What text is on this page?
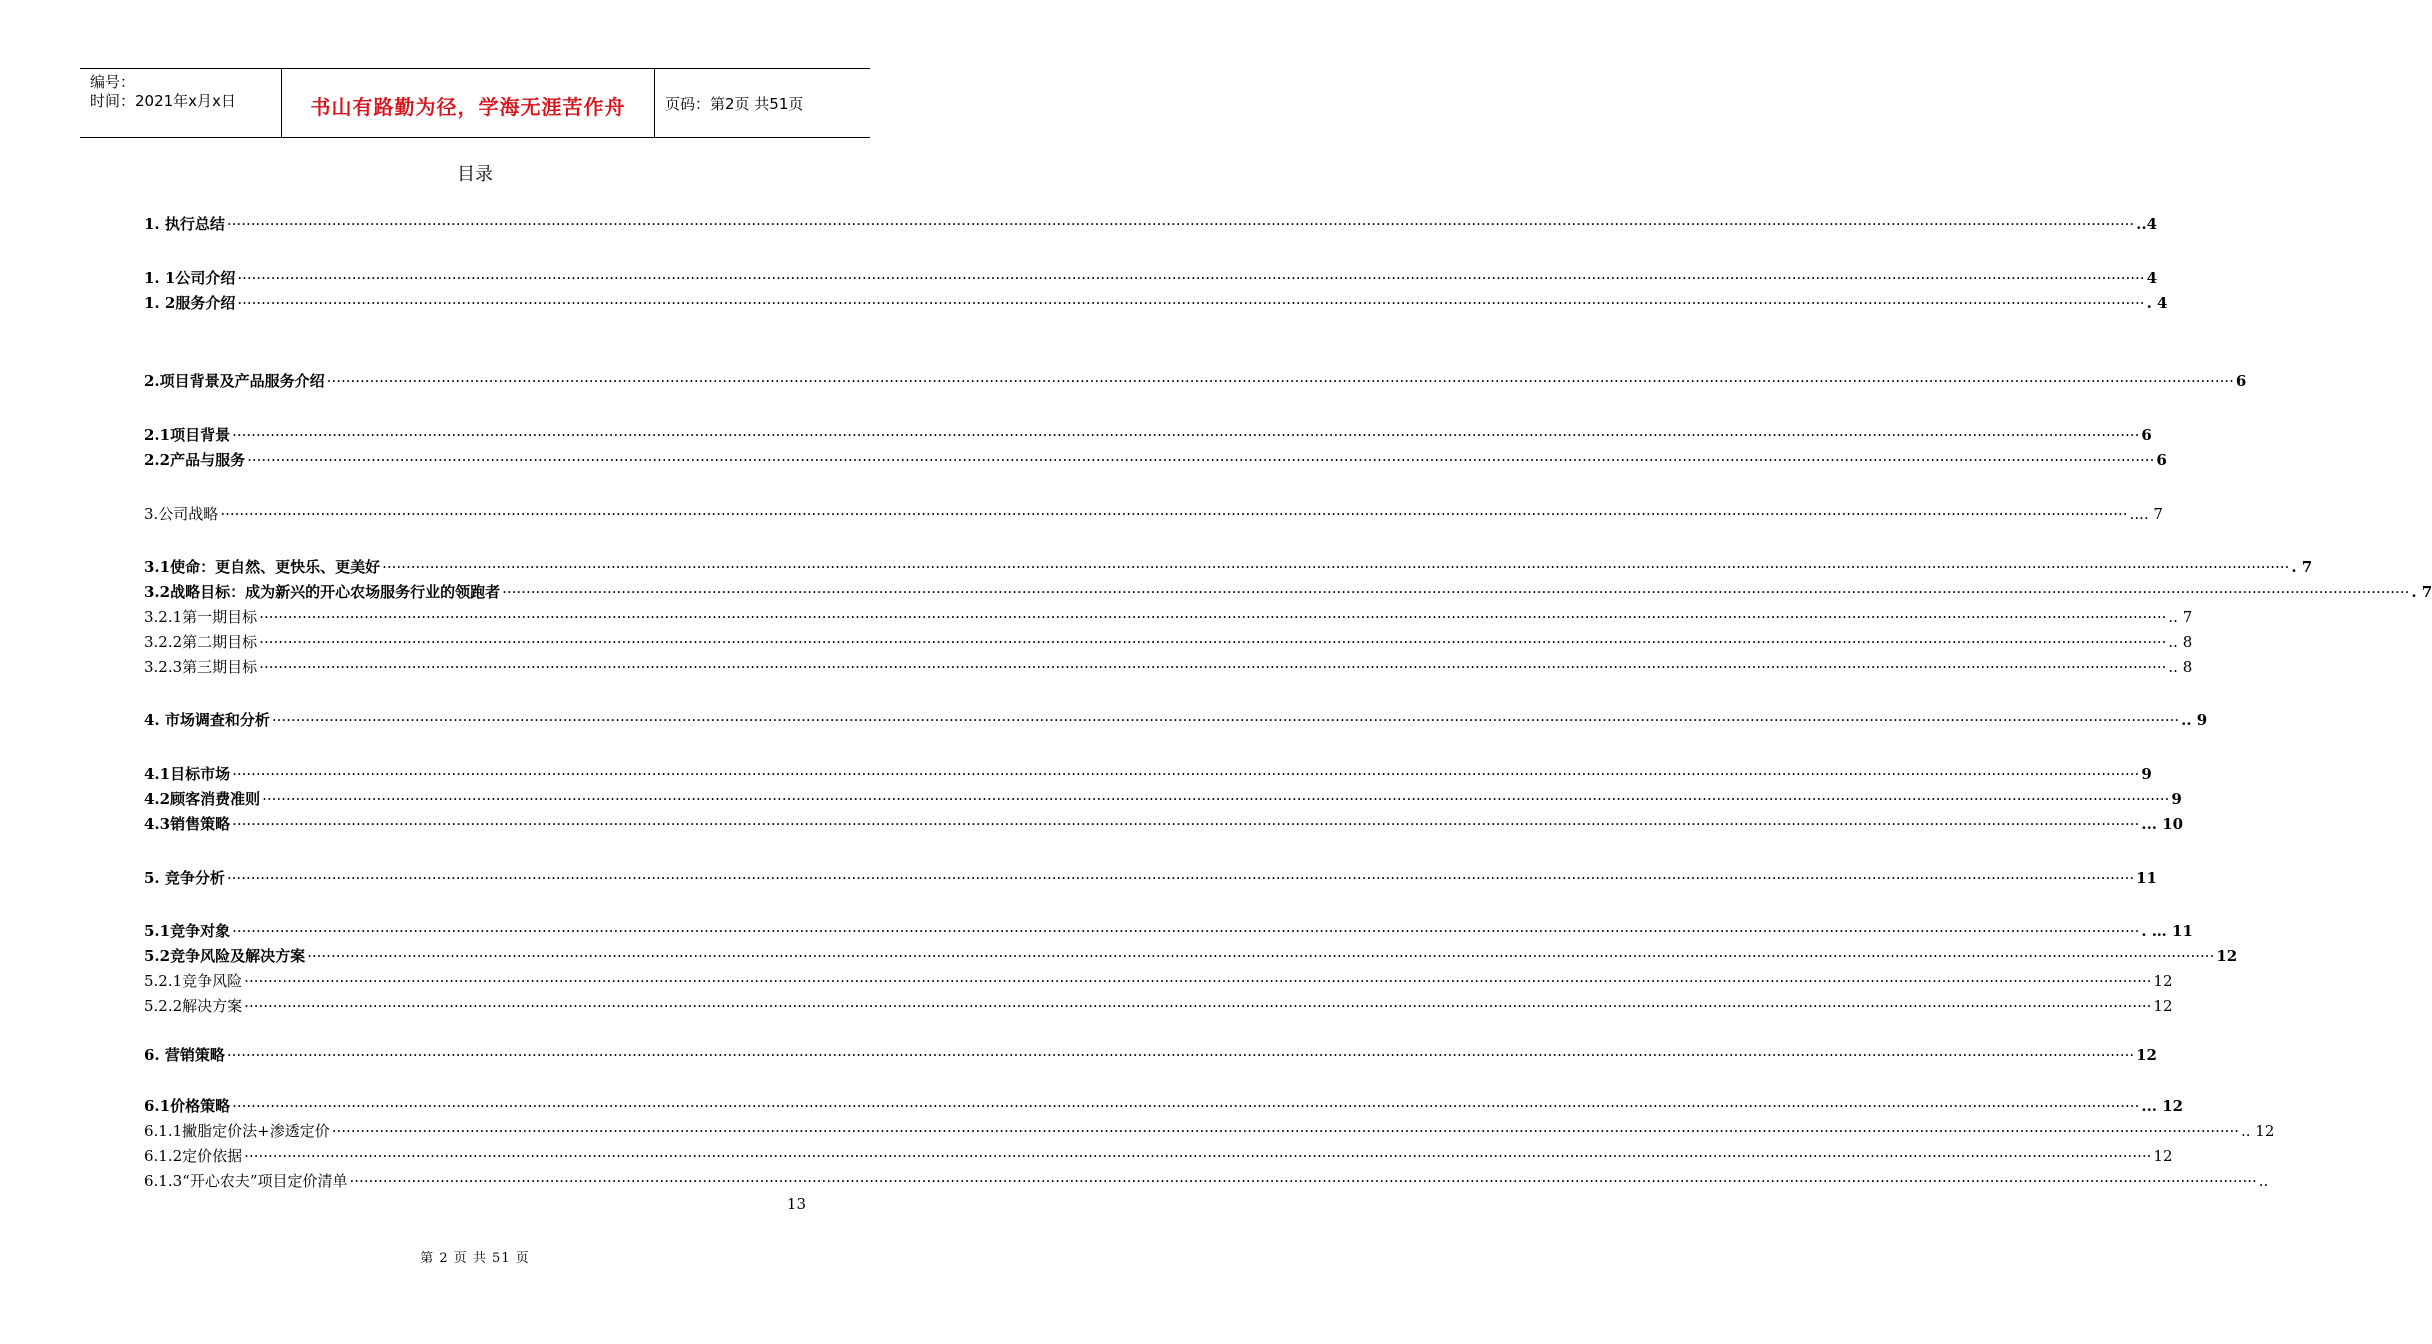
编号：
时间：2021年x月x日	书山有路勤为径，学海无涯苦作舟	页码：第2页 共51页
目录
1. 执行总结 ················································································································································································································································································································································································································ ..4
1. 1公司介绍 ················································································································································································································································································································································································································ 4
1. 2服务介绍 ················································································································································································································································································································································································································ . 4
2.项目背景及产品服务介绍 ················································································································································································································································································································································································································ 6
2.1项目背景 ················································································································································································································································································································································································································ 6
2.2产品与服务 ················································································································································································································································································································································································································ 6
3.公司战略 ················································································································································································································································································································································································································ .... 7
3.1使命：更自然、更快乐、更美好 ················································································································································································································································································································································································································ . 7
3.2战略目标：成为新兴的开心农场服务行业的领跑者 ················································································································································································································································································································································································································ . 7
3.2.1第一期目标 ················································································································································································································································································································································································································ .. 7
3.2.2第二期目标 ················································································································································································································································································································································································································ .. 8
3.2.3第三期目标 ················································································································································································································································································································································································································ .. 8
4. 市场调查和分析 ················································································································································································································································································································································································································ .. 9
4.1目标市场 ················································································································································································································································································································································································································ 9
4.2顾客消费准则 ················································································································································································································································································································································································································ 9
4.3销售策略 ················································································································································································································································································································································································································ ... 10
5. 竞争分析 ················································································································································································································································································································································································································ 11
5.1竞争对象 ················································································································································································································································································································································································································ . … 11
5.2竞争风险及解决方案 ················································································································································································································································································································································································································ 12
5.2.1竞争风险 ················································································································································································································································································································································································································ 12
5.2.2解决方案 ················································································································································································································································································································································································································ 12
6. 营销策略 ················································································································································································································································································································································································································ 12
6.1价格策略 ················································································································································································································································································································································································································ ... 12
6.1.1撇脂定价法+渗透定价 ················································································································································································································································································································································································································ .. 12
6.1.2定价依据 ················································································································································································································································································································································································································ 12
6.1.3“开心农夫”项目定价清单 ················································································································································································································································································································································································································ ..
13
第 2 页 共 51 页
